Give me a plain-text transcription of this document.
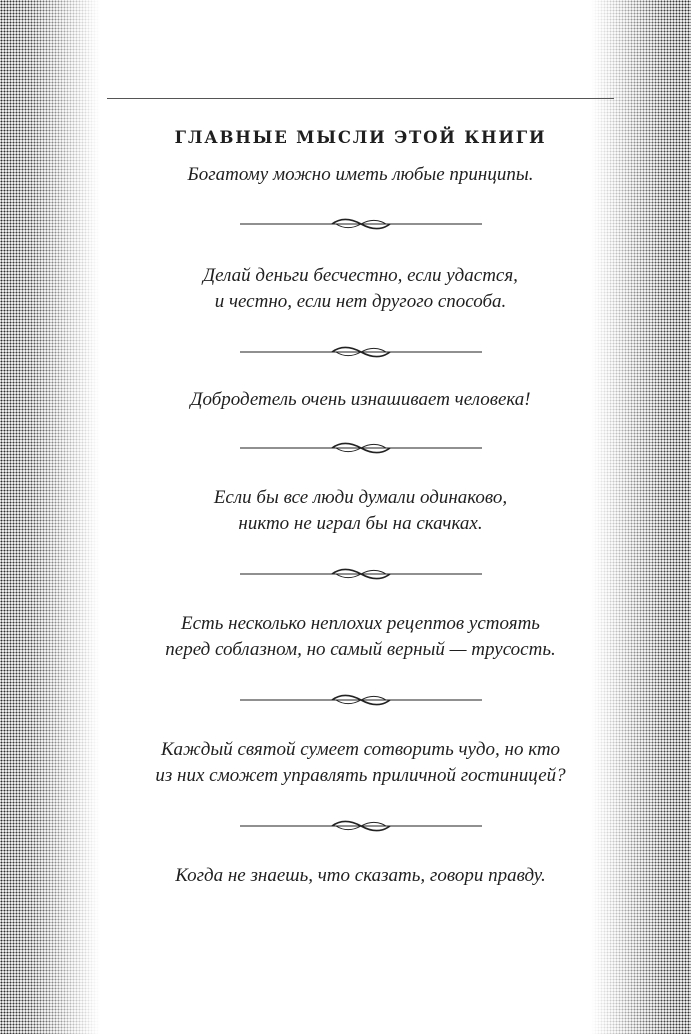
ГЛАВНЫЕ МЫСЛИ ЭТОЙ КНИГИ

Богатому можно иметь любые принципы.

Делай деньги бесчестно, если удастся,
и честно, если нет другого способа.

Добродетель очень изнашивает человека!

Если бы все люди думали одинаково,
никто не играл бы на скачках.

Есть несколько неплохих рецептов устоять
перед соблазном, но самый верный — трусость.

Каждый святой сумеет сотворить чудо, но кто
из них сможет управлять приличной гостиницей?

Когда не знаешь, что сказать, говори правду.
